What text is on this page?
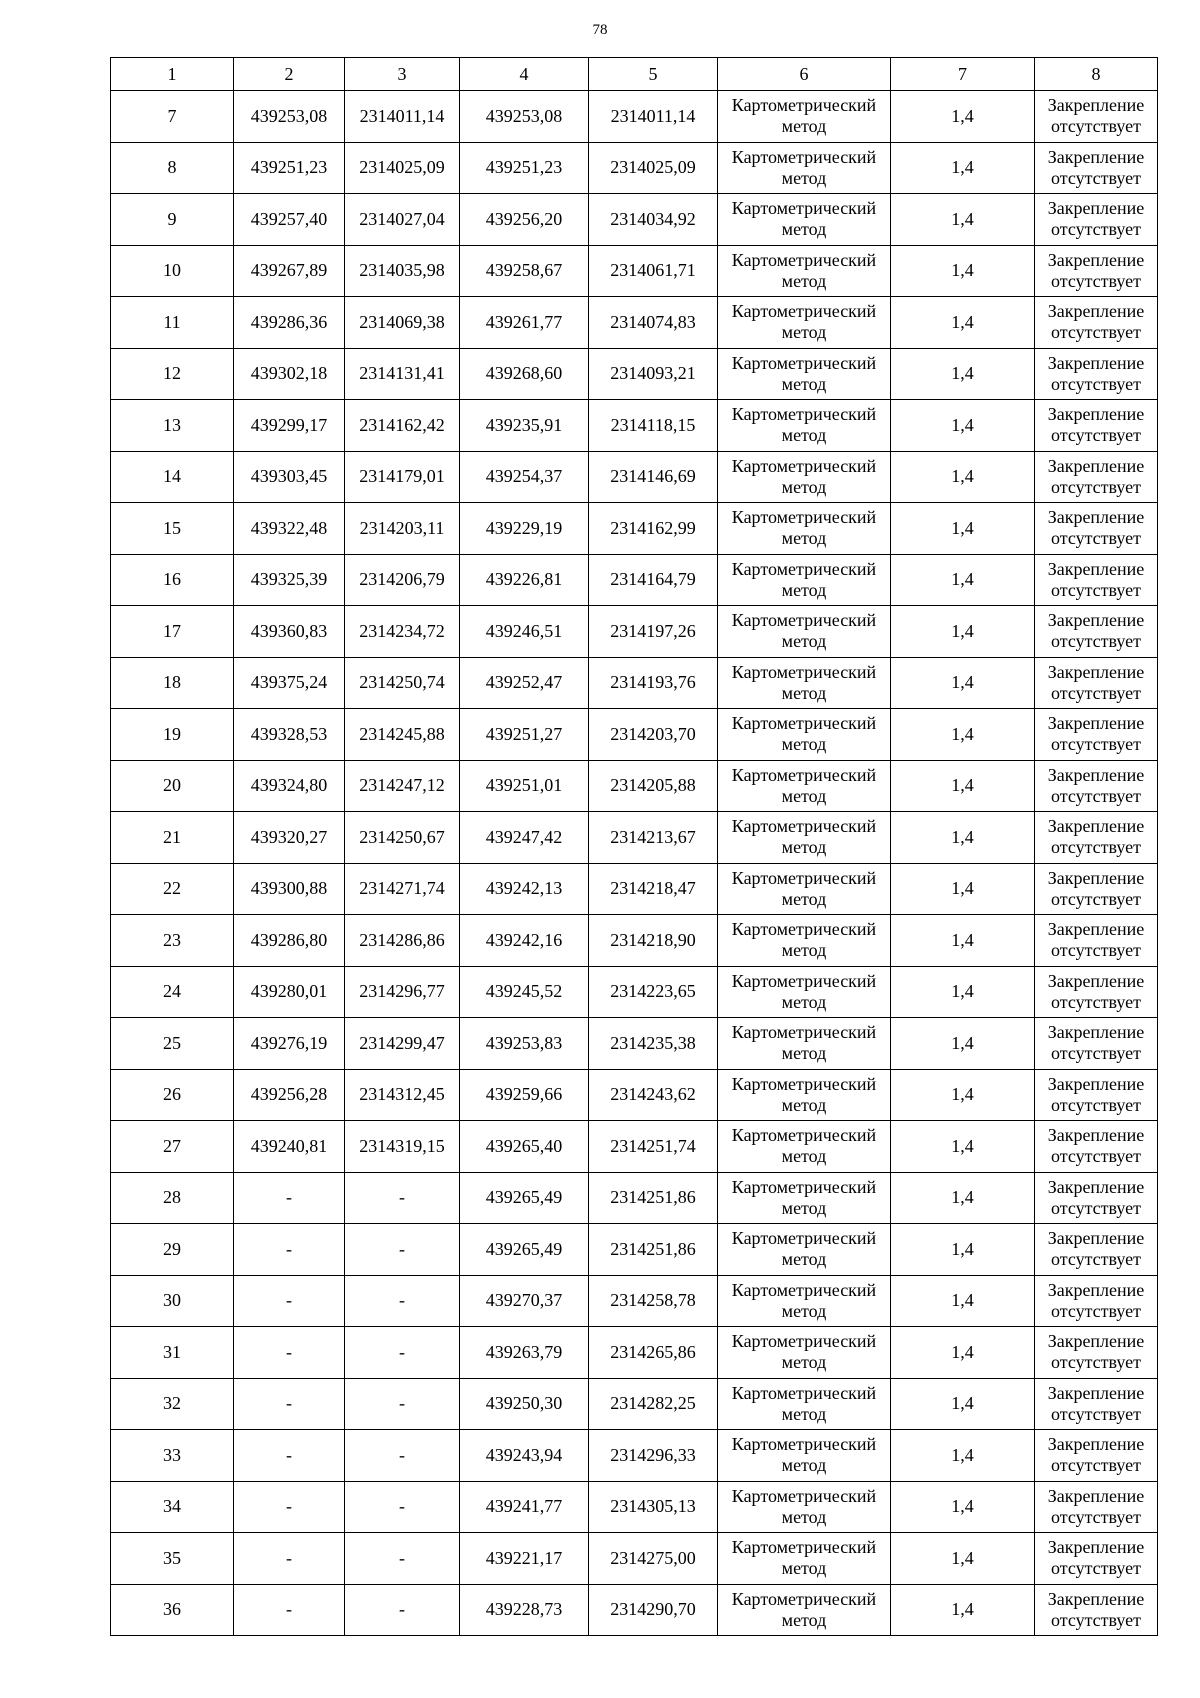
78
1	2	3	4	5	6	7	8
7	439253,08	2314011,14	439253,08	2314011,14	Картометрический метод	1,4	Закрепление отсутствует
8	439251,23	2314025,09	439251,23	2314025,09	Картометрический метод	1,4	Закрепление отсутствует
9	439257,40	2314027,04	439256,20	2314034,92	Картометрический метод	1,4	Закрепление отсутствует
10	439267,89	2314035,98	439258,67	2314061,71	Картометрический метод	1,4	Закрепление отсутствует
11	439286,36	2314069,38	439261,77	2314074,83	Картометрический метод	1,4	Закрепление отсутствует
12	439302,18	2314131,41	439268,60	2314093,21	Картометрический метод	1,4	Закрепление отсутствует
13	439299,17	2314162,42	439235,91	2314118,15	Картометрический метод	1,4	Закрепление отсутствует
14	439303,45	2314179,01	439254,37	2314146,69	Картометрический метод	1,4	Закрепление отсутствует
15	439322,48	2314203,11	439229,19	2314162,99	Картометрический метод	1,4	Закрепление отсутствует
16	439325,39	2314206,79	439226,81	2314164,79	Картометрический метод	1,4	Закрепление отсутствует
17	439360,83	2314234,72	439246,51	2314197,26	Картометрический метод	1,4	Закрепление отсутствует
18	439375,24	2314250,74	439252,47	2314193,76	Картометрический метод	1,4	Закрепление отсутствует
19	439328,53	2314245,88	439251,27	2314203,70	Картометрический метод	1,4	Закрепление отсутствует
20	439324,80	2314247,12	439251,01	2314205,88	Картометрический метод	1,4	Закрепление отсутствует
21	439320,27	2314250,67	439247,42	2314213,67	Картометрический метод	1,4	Закрепление отсутствует
22	439300,88	2314271,74	439242,13	2314218,47	Картометрический метод	1,4	Закрепление отсутствует
23	439286,80	2314286,86	439242,16	2314218,90	Картометрический метод	1,4	Закрепление отсутствует
24	439280,01	2314296,77	439245,52	2314223,65	Картометрический метод	1,4	Закрепление отсутствует
25	439276,19	2314299,47	439253,83	2314235,38	Картометрический метод	1,4	Закрепление отсутствует
26	439256,28	2314312,45	439259,66	2314243,62	Картометрический метод	1,4	Закрепление отсутствует
27	439240,81	2314319,15	439265,40	2314251,74	Картометрический метод	1,4	Закрепление отсутствует
28	-	-	439265,49	2314251,86	Картометрический метод	1,4	Закрепление отсутствует
29	-	-	439265,49	2314251,86	Картометрический метод	1,4	Закрепление отсутствует
30	-	-	439270,37	2314258,78	Картометрический метод	1,4	Закрепление отсутствует
31	-	-	439263,79	2314265,86	Картометрический метод	1,4	Закрепление отсутствует
32	-	-	439250,30	2314282,25	Картометрический метод	1,4	Закрепление отсутствует
33	-	-	439243,94	2314296,33	Картометрический метод	1,4	Закрепление отсутствует
34	-	-	439241,77	2314305,13	Картометрический метод	1,4	Закрепление отсутствует
35	-	-	439221,17	2314275,00	Картометрический метод	1,4	Закрепление отсутствует
36	-	-	439228,73	2314290,70	Картометрический метод	1,4	Закрепление отсутствует
